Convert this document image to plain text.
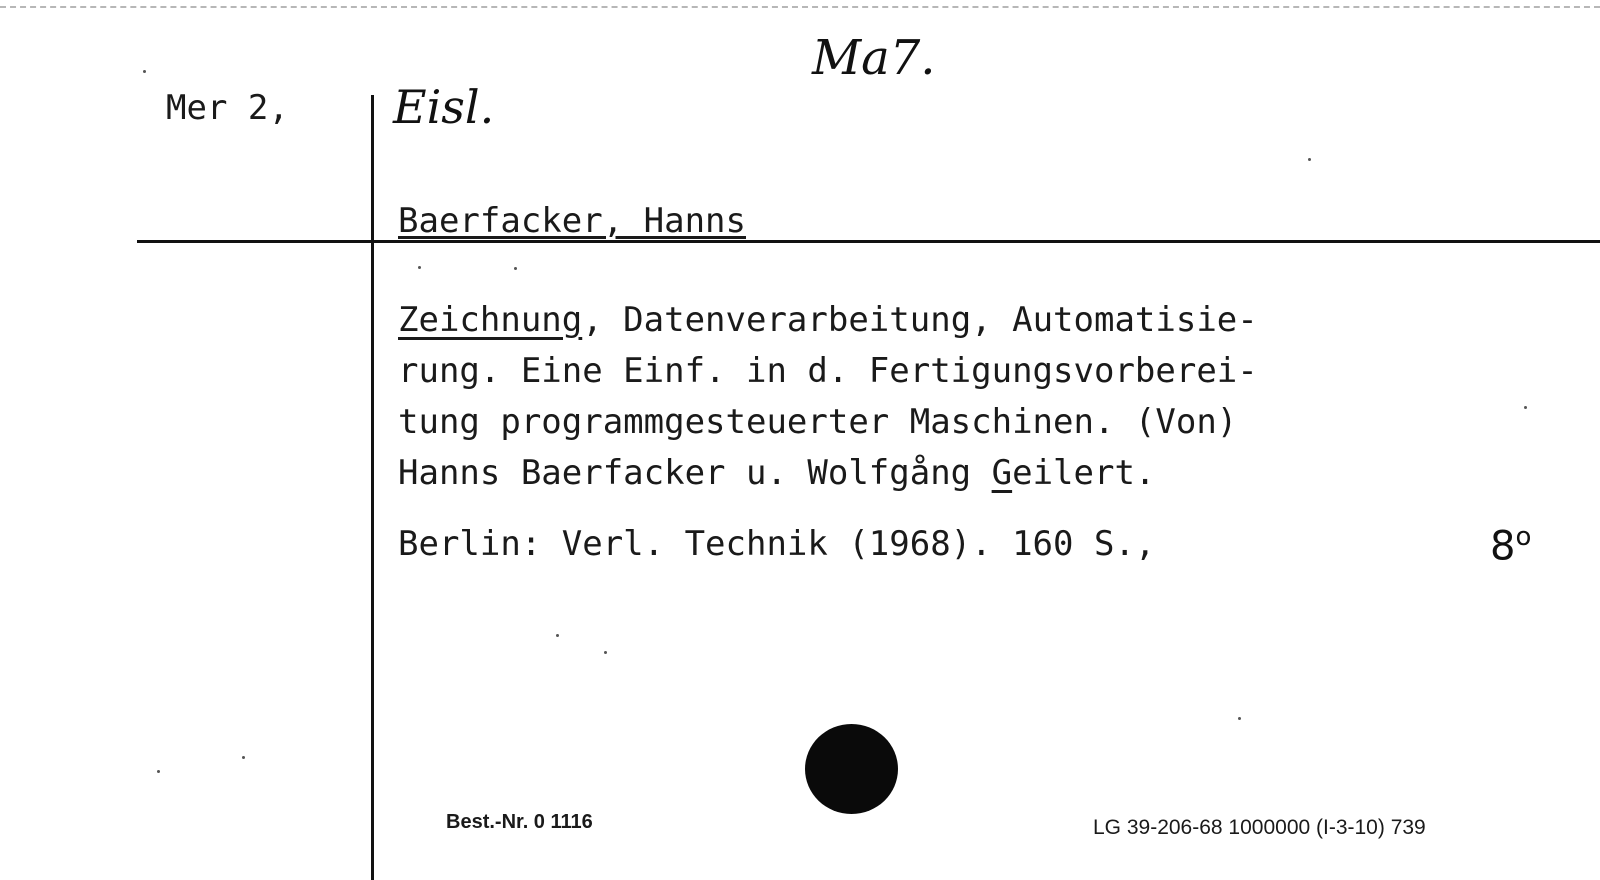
Mer 2,
Ma7.
Eisl.
Baerfacker, Hanns
Zeichnung, Datenverarbeitung, Automatisie-
rung. Eine Einf. in d. Fertigungsvorberei-
tung programmgesteuerter Maschinen. (Von)
Hanns Baerfacker u. Wolfgång Geilert.
Berlin: Verl. Technik (1968). 160 S.,	8$^o$
Best.-Nr. 0 1116	LG 39-206-68 1000000 (I-3-10) 739
